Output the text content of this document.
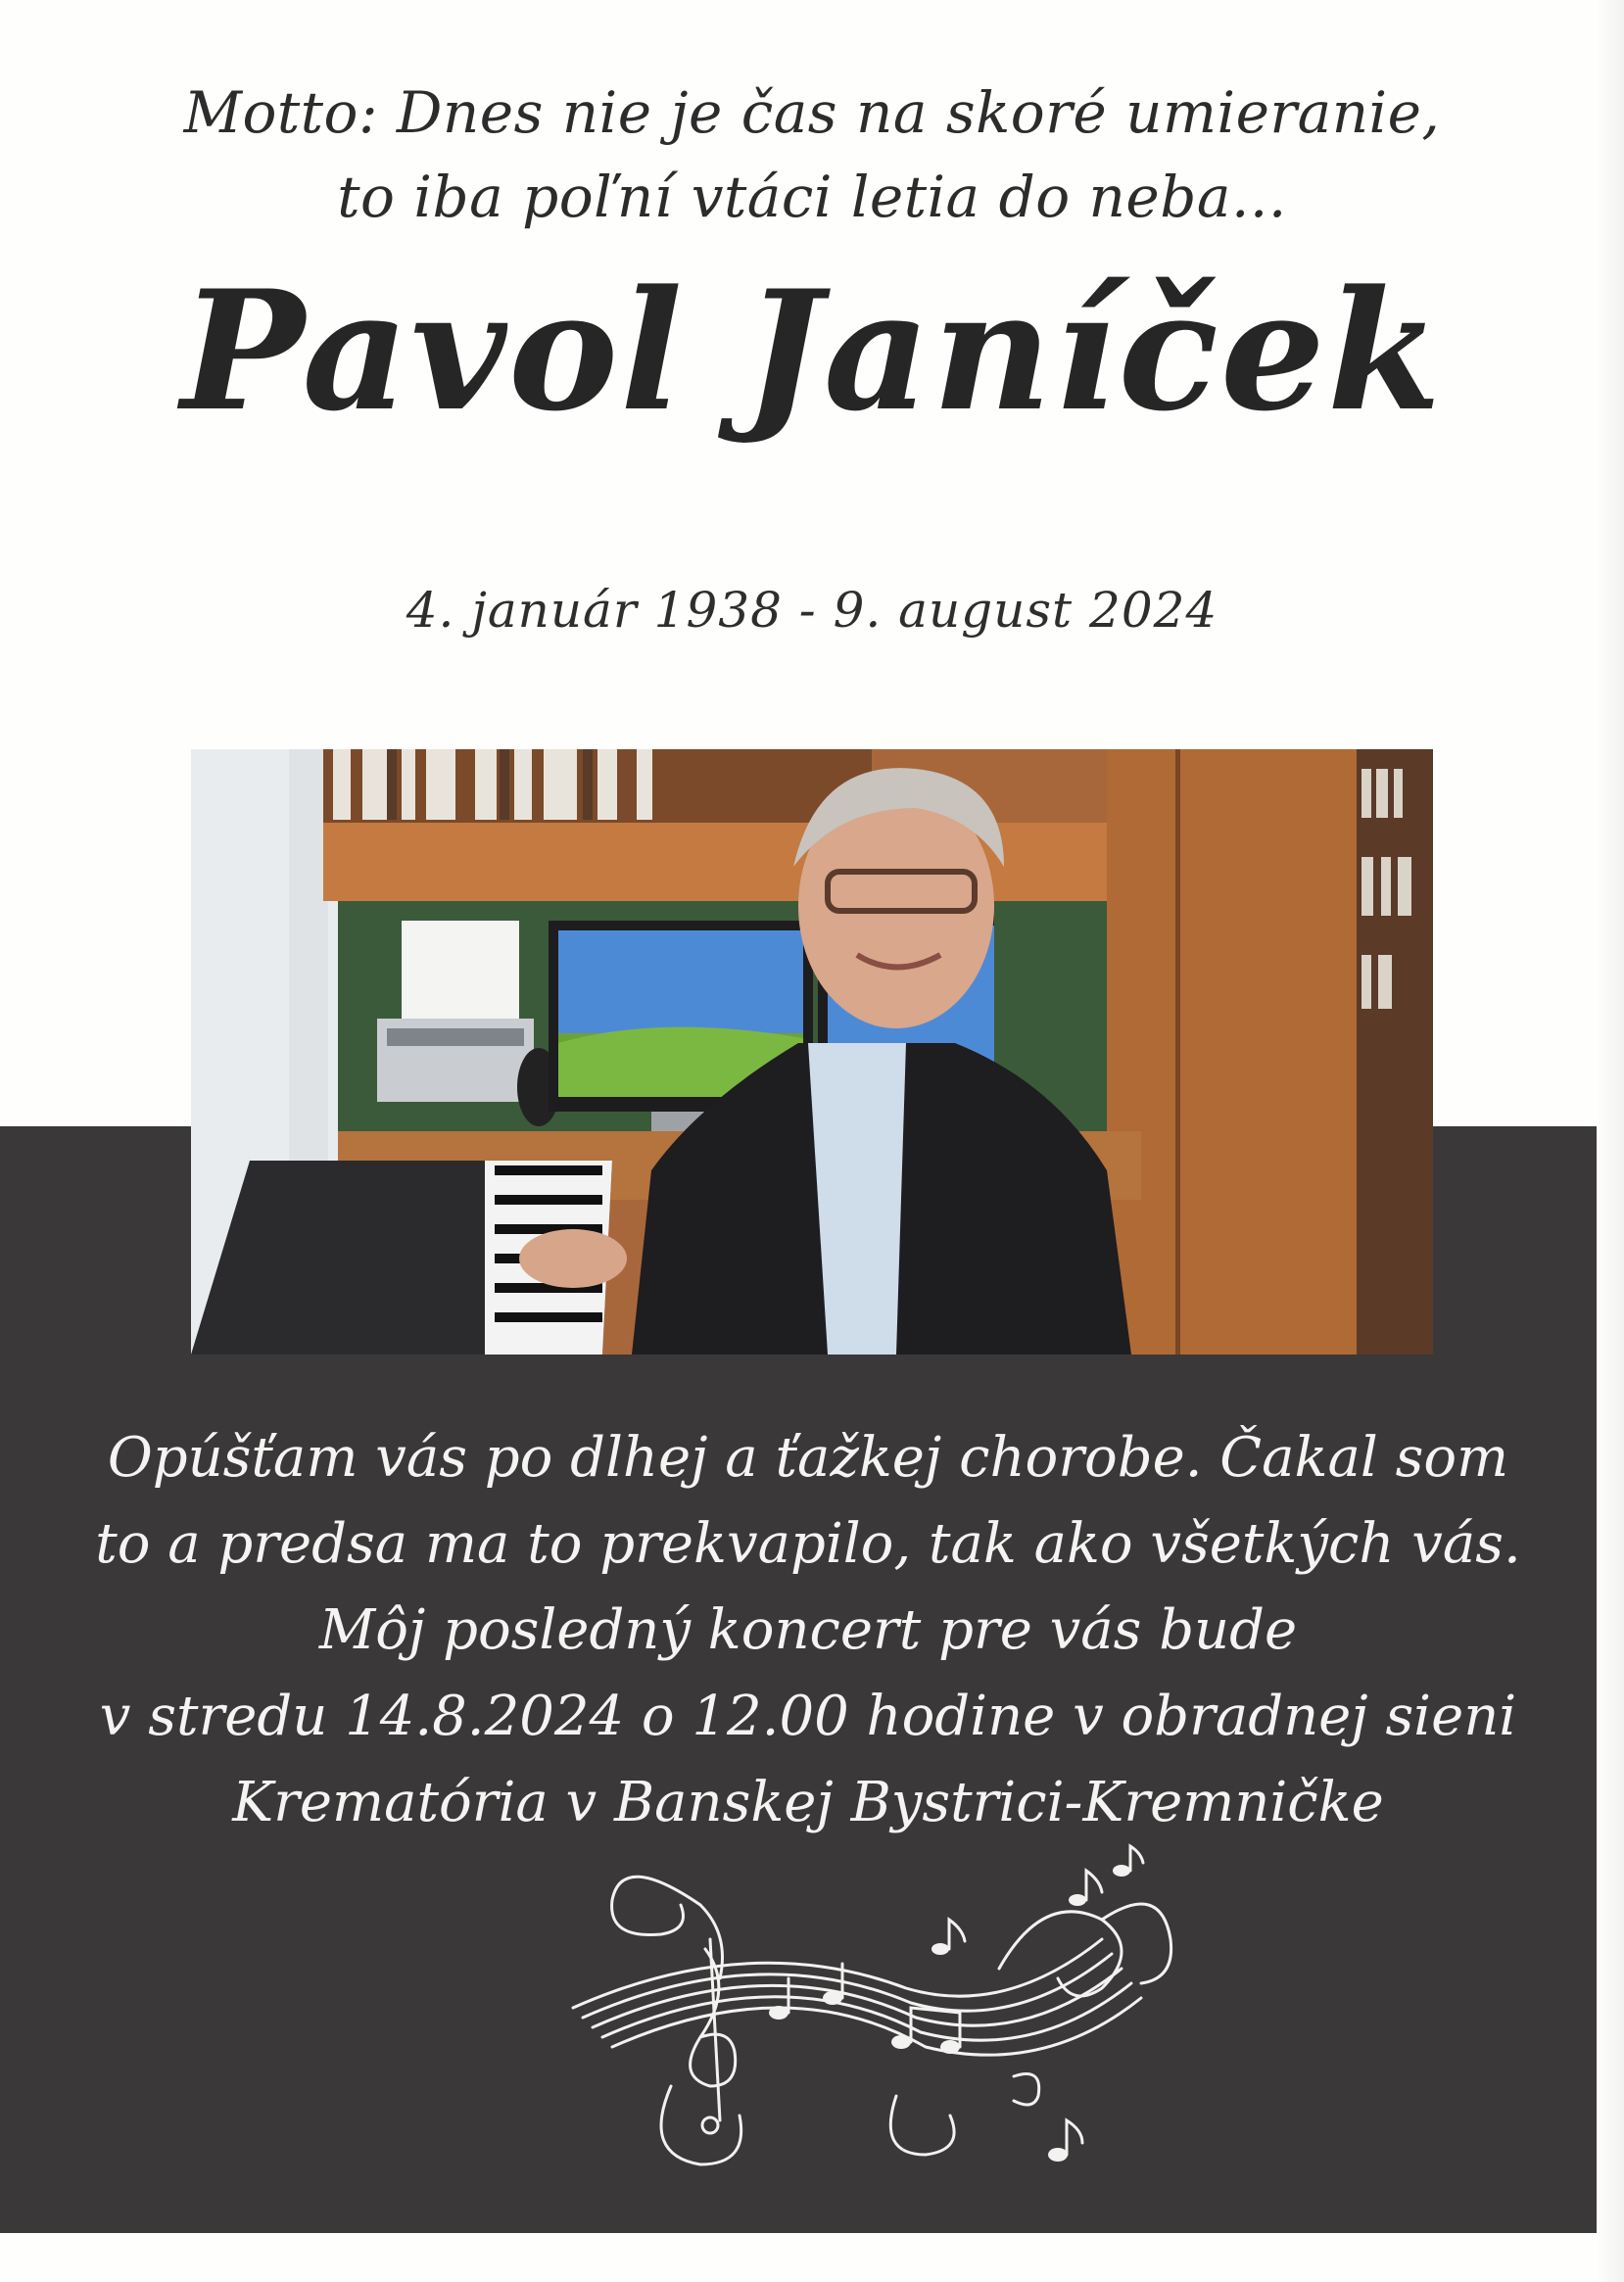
Motto: Dnes nie je čas na skoré umieranie,
to iba poľní vtáci letia do neba...
Pavol Janíček
4. január 1938 - 9. august 2024
Opúšťam vás po dlhej a ťažkej chorobe. Čakal som
to a predsa ma to prekvapilo, tak ako všetkých vás.
Môj posledný koncert pre vás bude
v stredu 14.8.2024 o 12.00 hodine v obradnej sieni
Krematória v Banskej Bystrici-Kremničke
